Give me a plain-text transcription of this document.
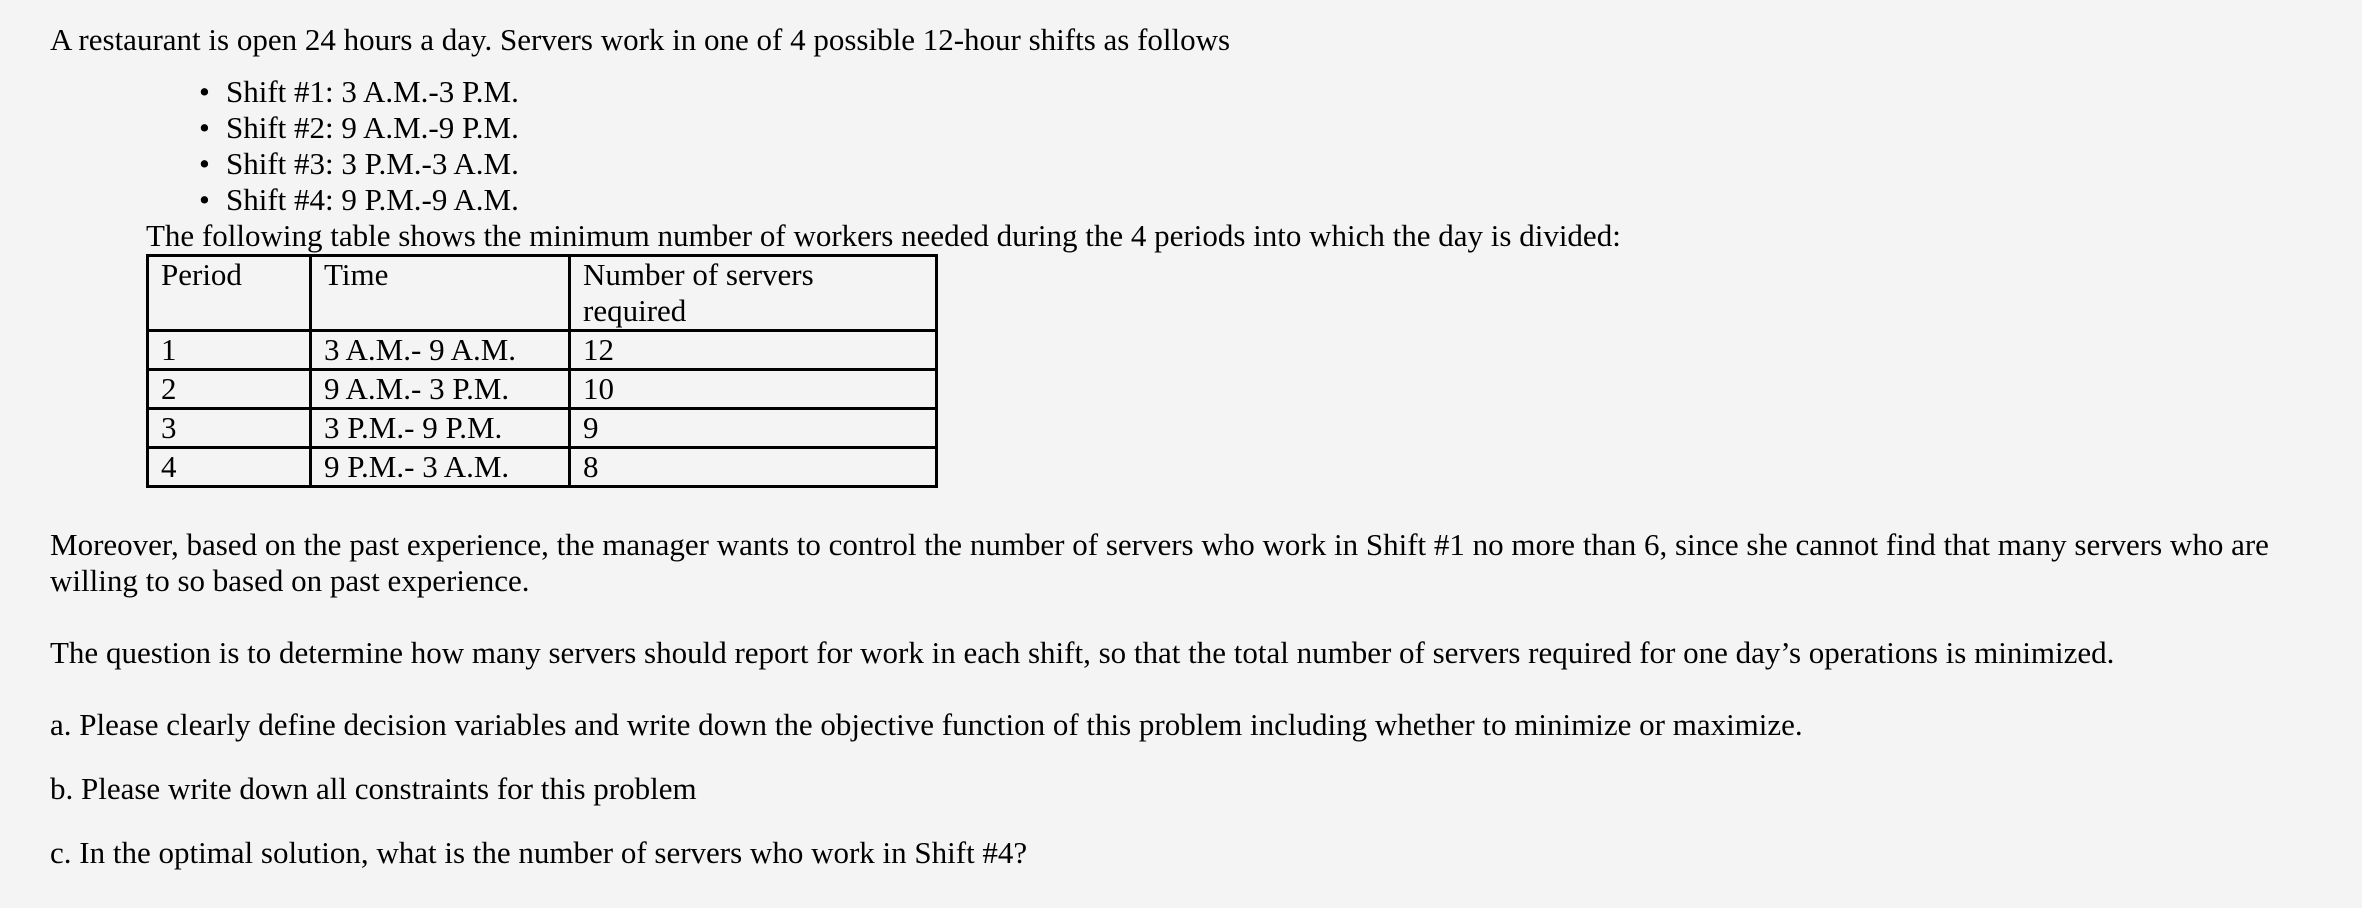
A restaurant is open 24 hours a day. Servers work in one of 4 possible 12-hour shifts as follows

• Shift #1: 3 A.M.-3 P.M.
• Shift #2: 9 A.M.-9 P.M.
• Shift #3: 3 P.M.-3 A.M.
• Shift #4: 9 P.M.-9 A.M.

The following table shows the minimum number of workers needed during the 4 periods into which the day is divided:

Period	Time	Number of servers required
1	3 A.M.- 9 A.M.	12
2	9 A.M.- 3 P.M.	10
3	3 P.M.- 9 P.M.	9
4	9 P.M.- 3 A.M.	8

Moreover, based on the past experience, the manager wants to control the number of servers who work in Shift #1 no more than 6, since she cannot find that many servers who are willing to so based on past experience.

The question is to determine how many servers should report for work in each shift, so that the total number of servers required for one day’s operations is minimized.

a. Please clearly define decision variables and write down the objective function of this problem including whether to minimize or maximize.

b. Please write down all constraints for this problem

c. In the optimal solution, what is the number of servers who work in Shift #4?
